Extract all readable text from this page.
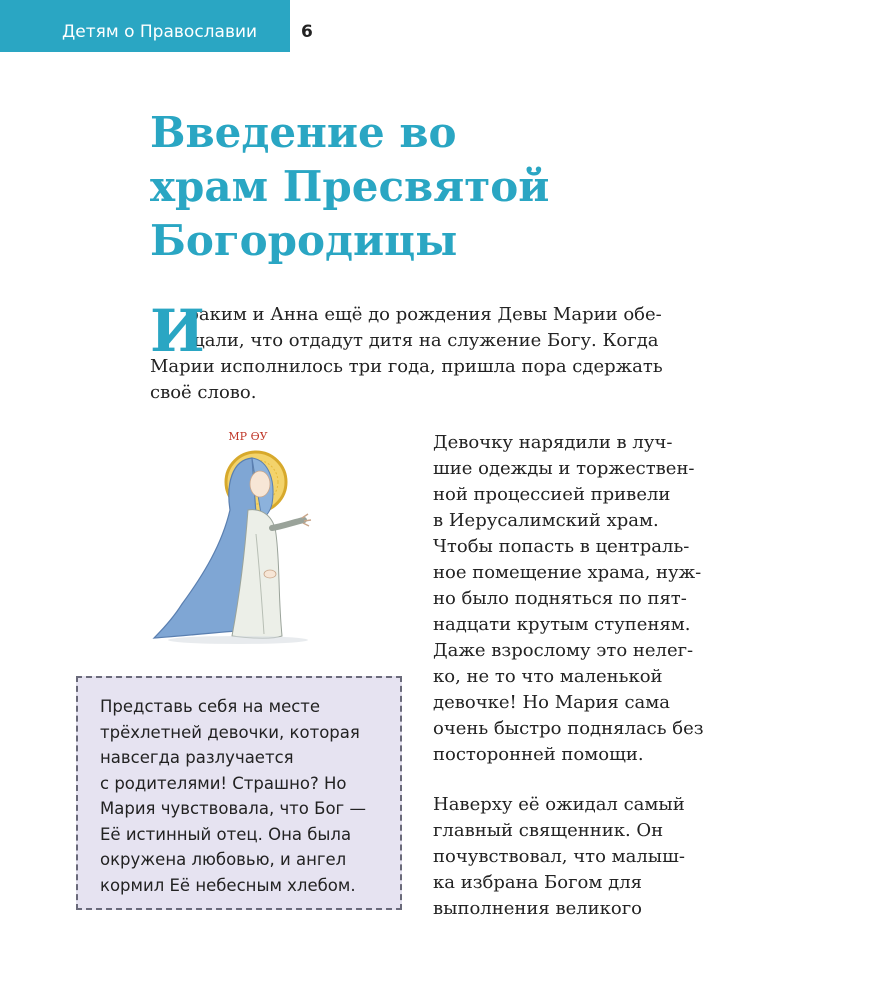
Детям о Православии	6
Введение во
храм Пресвятой
Богородицы
И
оаким и Анна ещё до рождения Девы Марии обе-
щали, что отдадут дитя на служение Богу. Когда
Марии исполнилось три года, пришла пора сдержать
своё слово.
МР ѲУ	Девочку нарядили в луч-
шие одежды и торжествен-
ной процессией привели
в Иерусалимский храм.
Чтобы попасть в централь-
ное помещение храма, нуж-
но было подняться по пят-
надцати крутым ступеням.
Даже взрослому это нелег-
ко, не то что маленькой
девочке! Но Мария сама
очень быстро поднялась без
посторонней помощи.
Наверху её ожидал самый
главный священник. Он
почувствовал, что малыш-
ка избрана Богом для
выполнения великого
Представь себя на месте
трёхлетней девочки, которая
навсегда разлучается
с родителями! Страшно? Но
Мария чувствовала, что Бог —
Её истинный отец. Она была
окружена любовью, и ангел
кормил Её небесным хлебом.
